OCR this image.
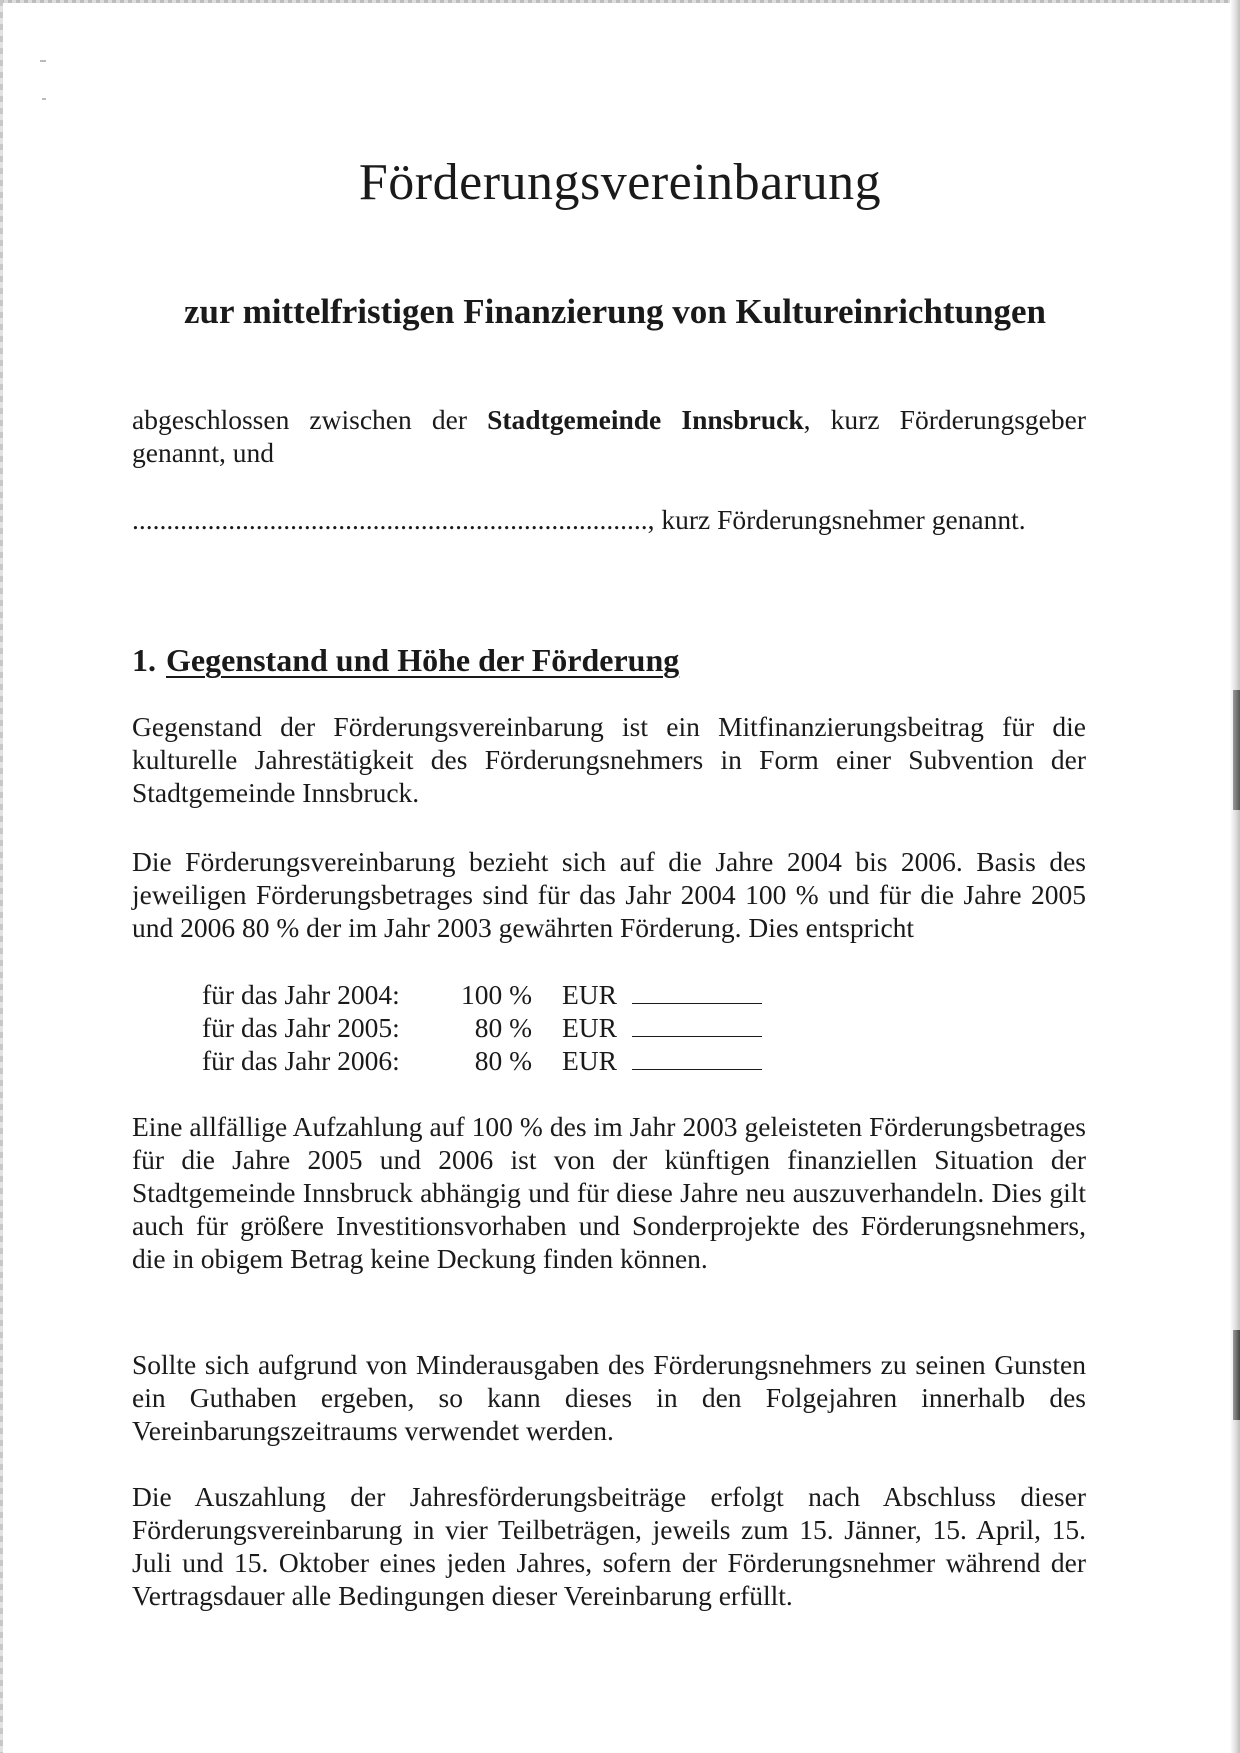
Förderungsvereinbarung
zur mittelfristigen Finanzierung von Kultureinrichtungen

abgeschlossen zwischen der Stadtgemeinde Innsbruck, kurz Förderungsgeber genannt, und

..........................................................................., kurz Förderungsnehmer genannt.

1. Gegenstand und Höhe der Förderung

Gegenstand der Förderungsvereinbarung ist ein Mitfinanzierungsbeitrag für die kulturelle Jahrestätigkeit des Förderungsnehmers in Form einer Subvention der Stadtgemeinde Innsbruck.

Die Förderungsvereinbarung bezieht sich auf die Jahre 2004 bis 2006. Basis des jeweiligen Förderungsbetrages sind für das Jahr 2004 100 % und für die Jahre 2005 und 2006 80 % der im Jahr 2003 gewährten Förderung. Dies entspricht

für das Jahr 2004:	100 % EUR
für das Jahr 2005:	80 % EUR
für das Jahr 2006:	80 % EUR

Eine allfällige Aufzahlung auf 100 % des im Jahr 2003 geleisteten Förderungsbetrages für die Jahre 2005 und 2006 ist von der künftigen finanziellen Situation der Stadtgemeinde Innsbruck abhängig und für diese Jahre neu auszuverhandeln. Dies gilt auch für größere Investitionsvorhaben und Sonderprojekte des Förderungsnehmers, die in obigem Betrag keine Deckung finden können.

Sollte sich aufgrund von Minderausgaben des Förderungsnehmers zu seinen Gunsten ein Guthaben ergeben, so kann dieses in den Folgejahren innerhalb des Vereinbarungszeitraums verwendet werden.

Die Auszahlung der Jahresförderungsbeiträge erfolgt nach Abschluss dieser Förderungsvereinbarung in vier Teilbeträgen, jeweils zum 15. Jänner, 15. April, 15. Juli und 15. Oktober eines jeden Jahres, sofern der Förderungsnehmer während der Vertragsdauer alle Bedingungen dieser Vereinbarung erfüllt.
